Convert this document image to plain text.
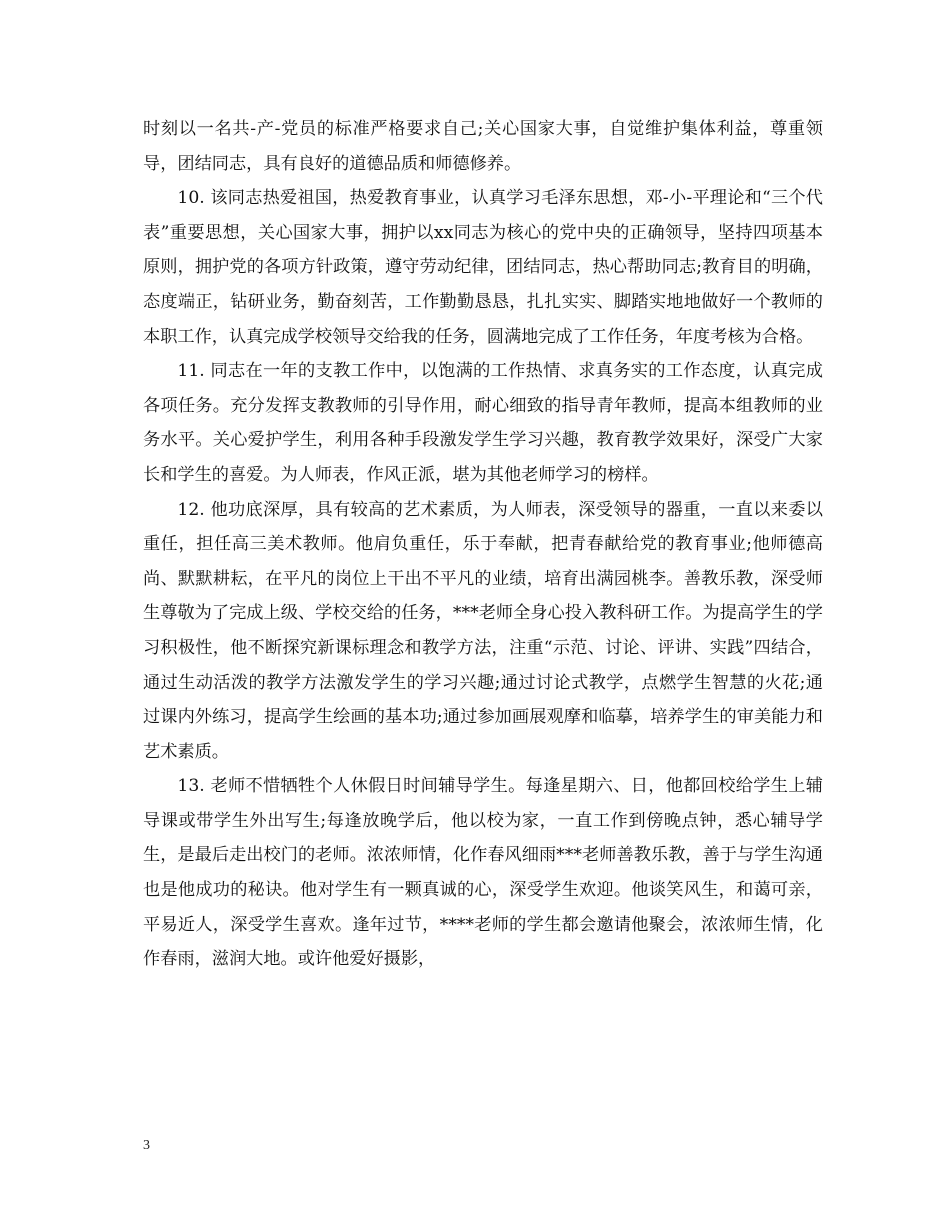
时刻以一名共-产-党员的标准严格要求自己;关心国家大事，自觉维护集体利益，尊重领导，团结同志，具有良好的道德品质和师德修养。

10. 该同志热爱祖国，热爱教育事业，认真学习毛泽东思想，邓-小-平理论和“三个代表”重要思想，关心国家大事，拥护以xx同志为核心的党中央的正确领导，坚持四项基本原则，拥护党的各项方针政策，遵守劳动纪律，团结同志，热心帮助同志;教育目的明确，态度端正，钻研业务，勤奋刻苦，工作勤勤恳恳，扎扎实实、脚踏实地地做好一个教师的本职工作，认真完成学校领导交给我的任务，圆满地完成了工作任务，年度考核为合格。

11. 同志在一年的支教工作中，以饱满的工作热情、求真务实的工作态度，认真完成各项任务。充分发挥支教教师的引导作用，耐心细致的指导青年教师，提高本组教师的业务水平。关心爱护学生，利用各种手段激发学生学习兴趣，教育教学效果好，深受广大家长和学生的喜爱。为人师表，作风正派，堪为其他老师学习的榜样。

12. 他功底深厚，具有较高的艺术素质，为人师表，深受领导的器重，一直以来委以重任，担任高三美术教师。他肩负重任，乐于奉献，把青春献给党的教育事业;他师德高尚、默默耕耘，在平凡的岗位上干出不平凡的业绩，培育出满园桃李。善教乐教，深受师生尊敬为了完成上级、学校交给的任务，***老师全身心投入教科研工作。为提高学生的学习积极性，他不断探究新课标理念和教学方法，注重“示范、讨论、评讲、实践”四结合，通过生动活泼的教学方法激发学生的学习兴趣;通过讨论式教学，点燃学生智慧的火花;通过课内外练习，提高学生绘画的基本功;通过参加画展观摩和临摹，培养学生的审美能力和艺术素质。

13. 老师不惜牺牲个人休假日时间辅导学生。每逢星期六、日，他都回校给学生上辅导课或带学生外出写生;每逢放晚学后，他以校为家，一直工作到傍晚点钟，悉心辅导学生，是最后走出校门的老师。浓浓师情，化作春风细雨***老师善教乐教，善于与学生沟通也是他成功的秘诀。他对学生有一颗真诚的心，深受学生欢迎。他谈笑风生，和蔼可亲，平易近人，深受学生喜欢。逢年过节，****老师的学生都会邀请他聚会，浓浓师生情，化作春雨，滋润大地。或许他爱好摄影，

3
